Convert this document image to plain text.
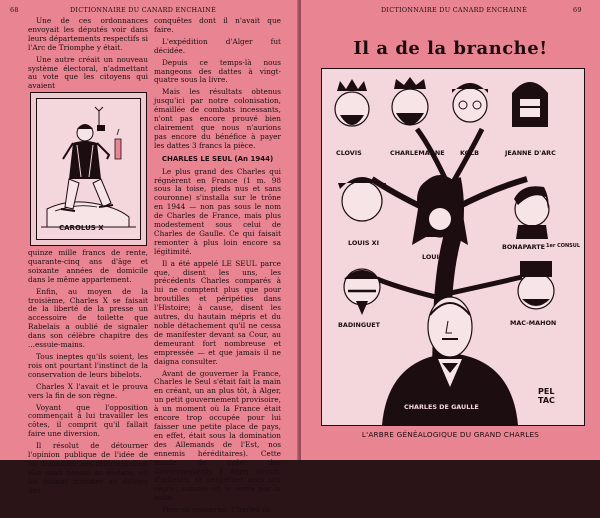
68	DICTIONNAIRE DU CANARD ENCHAINÉ

Une de ces ordonnances envoyait les députés voir dans leurs départements respectifs si l'Arc de Triomphe y était.

Une autre créait un nouveau système électoral, n'admettant au vote que les citoyens qui avaient

CAROLUS X

quinze mille francs de rente, quarante-cinq ans d'âge et soixante années de domicile dans le même appartement.

Enfin, au moyen de la troisième, Charles X se faisait de la liberté de la presse un accessoire de toilette que Rabelais a oublié de signaler dans son célèbre chapitre des ...essuie-mains.

Tous ineptes qu'ils soient, les rois ont pourtant l'instinct de la conservation de leurs bibelots.

Charles X l'avait et le prouva vers la fin de son règne.

Voyant que l'opposition commençait à lui travailler les côtes, il comprit qu'il fallait faire une diversion.

Il résolut de détourner l'opinion publique de l'idée de lui demander des réformes dont elle avait besoin au dedans, en lui faisant miroiter au dehors des

conquêtes dont il n'avait que faire.

L'expédition d'Alger fut décidée.

Depuis ce temps-là nous mangeons des dattes à vingt-quatre sous la livre.

Mais les résultats obtenus jusqu'ici par notre colonisation, émaillée de combats incessants, n'ont pas encore prouvé bien clairement que nous n'aurions pas encore du bénéfice à payer les dattes 3 francs la pièce.

CHARLES LE SEUL (An 1944)

Le plus grand des Charles qui régnèrent en France (1 m. 98 sous la toise, pieds nus et sans couronne) s'installa sur le trône en 1944 — non pas sous le nom de Charles de France, mais plus modestement sous celui de Charles de Gaulle. Ce qui faisait remonter à plus loin encore sa légitimité.

Il a été appelé LE SEUL parce que, disent les uns, les précédents Charles comparés à lui ne comptent plus que pour broutilles et péripéties dans l'Histoire; à cause, disent les autres, du hautain mépris et du noble détachement qu'il ne cessa de manifester devant sa Cour, au demeurant fort nombreuse et empressée — et que jamais il ne daigna consulter.

Avant de gouverner la France, Charles le Seul s'était fait la main en créant, un an plus tôt, à Alger, un petit gouvernement provisoire, à un moment où la France était encore trop occupée pour lui faisser une petite place de pays, en effet, était sous la domination des Allemands de l'Est, nos ennemis héréditaires). Cette manie de créer des Gouvernements à Alger devait, d'ailleurs, se perpétuer sous son règne, comme on le verra par la suite.

Pour sa gouverne, Charles de

DICTIONNAIRE DU CANARD ENCHAINÉ	69
Il a de la branche!
CLOVIS	CHARLEMAGNE KOLB	JEANNE D'ARC
LOUIS XI
LOUIS XIV
BONAPARTE 1er CONSUL
BADINGUET	MAC-MAHON
CHARLES DE GAULLE
PEL TAC
L'ARBRE GÉNÉALOGIQUE DU GRAND CHARLES
